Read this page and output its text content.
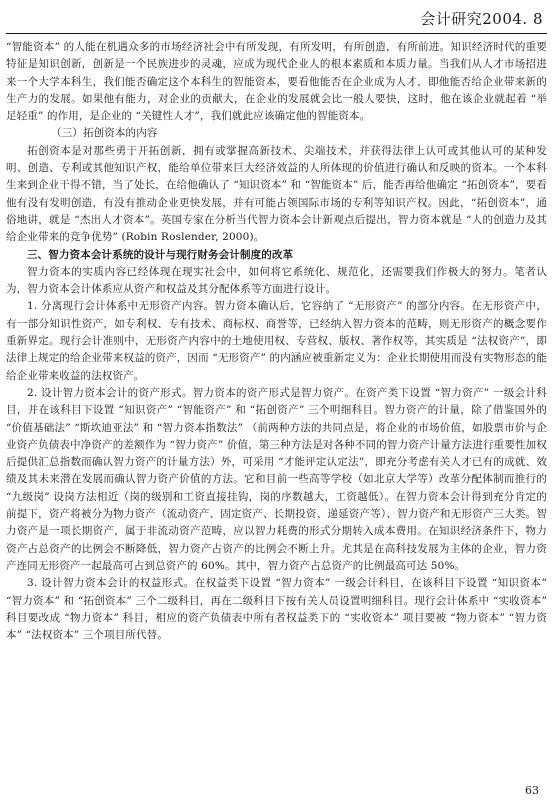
会计研究2004. 8

“智能资本” 的人能在机遇众多的市场经济社会中有所发现，有所发明，有所创造，有所前进。知识经济时代的重要特征是知识创新，创新是一个民族进步的灵魂，应成为现代企业人的根本素质和本质力量。当我们从人才市场招进来一个大学本科生，我们能否确定这个本科生的智能资本，要看他能否在企业成为人才，即他能否给企业带来新的生产力的发展。如果他有能力，对企业的贡献大，在企业的发展就会比一般人要快，这时，他在该企业就起着 “举足轻重” 的作用，是企业的 “关键性人才”，我们就此应该确定他的智能资本。

（三）拓创资本的内容

拓创资本是对那些勇于开拓创新，拥有或掌握高新技术、尖端技术，并获得法律上认可或其他认可的某种发明、创造、专利或其他知识产权，能给单位带来巨大经济效益的人所体现的价值进行确认和反映的资本。一个本科生来到企业干得不错，当了处长，在给他确认了 “知识资本” 和 “智能资本” 后，能否再给他确定 “拓创资本”，要看他有没有发明创造，有没有推动企业更快发展，并有可能占领国际市场的专利等知识产权。因此，“拓创资本”，通俗地讲，就是 “杰出人才资本”。英国专家在分析当代智力资本会计新观点后提出，智力资本就是 “人的创造力及其给企业带来的竞争优势” (Robin Roslender, 2000)。

三、智力资本会计系统的设计与现行财务会计制度的改革

智力资本的实质内容已经体现在现实社会中，如何将它系统化、规范化，还需要我们作极大的努力。笔者认为，智力资本会计体系应从资产和权益及其分配体系等方面进行设计。

1. 分离现行会计体系中无形资产内容。智力资本确认后，它容纳了 “无形资产” 的部分内容。在无形资产中，有一部分知识性资产，如专利权、专有技术、商标权、商誉等，已经纳入智力资本的范畴，则无形资产的概念要作重新界定。现行会计准则中，无形资产内容中的土地使用权、专营权、版权、著作权等，其实质是 “法权资产”，即法律上规定的给企业带来权益的资产，因而 “无形资产” 的内涵应被重新定义为：企业长期使用而没有实物形态的能给企业带来收益的法权资产。

2. 设计智力资本会计的资产形式。智力资本的资产形式是智力资产。在资产类下设置 “智力资产” 一级会计科目，并在该科目下设置 “知识资产” “智能资产” 和 “拓创资产” 三个明细科目。智力资产的计量，除了借鉴国外的 “价值基础法” “斯坎迪亚法” 和 “智力资本指数法” （前两种方法的共同点是，将企业的市场价值，如股票市价与企业资产负债表中净资产的差额作为 “智力资产” 价值，第三种方法是对各种不同的智力资产计量方法进行重要性加权后提供汇总指数而确认智力资产的计量方法）外，可采用 “才能评定认定法”，即充分考虑有关人才已有的成就、效绩及其未来潜在发展而确认智力资产价值的方法。它和目前一些高等学校（如北京大学等）改革分配体制而推行的 “九级岗” 设岗方法相近（岗的级别和工资直接挂钩，岗的序数越大，工资越低）。在智力资本会计得到充分肯定的前提下，资产将被分为物力资产（流动资产、固定资产、长期投资、递延资产等）、智力资产和无形资产三大类。智力资产是一项长期资产，属于非流动资产范畴，应以智力耗费的形式分期转入成本费用。在知识经济条件下，物力资产占总资产的比例会不断降低，智力资产占资产的比例会不断上升。尤其是在高科技发展为主体的企业，智力资产连同无形资产一起最高可占到总资产的 60%。其中，智力资产占总资产的比例最高可达 50%。

3. 设计智力资本会计的权益形式。在权益类下设置 “智力资本” 一级会计科目，在该科目下设置 “知识资本” “智力资本” 和 “拓创资本” 三个二级科目，再在二级科目下按有关人员设置明细科目。现行会计体系中 “实收资本” 科目要改成 “物力资本” 科目，相应的资产负债表中所有者权益类下的 “实收资本” 项目要被 “物力资本” “智力资本” “法权资本” 三个项目所代替。

63
